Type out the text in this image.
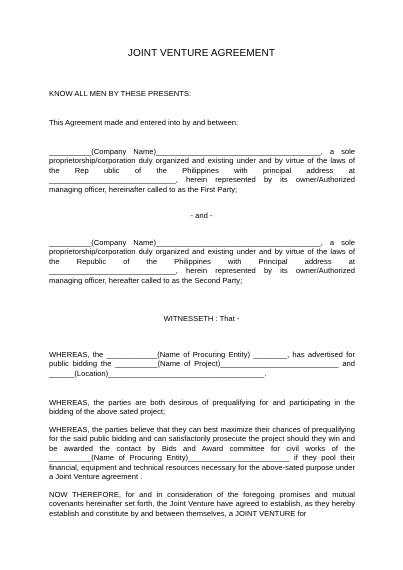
JOINT VENTURE AGREEMENT

KNOW ALL MEN BY THESE PRESENTS:

This Agreement made and entered into by and between:

__________(Company Name)_______________________________________, a sole proprietorship/corporation duly organized and existing under and by virtue of the laws of the Rep ublic of the Philippines with principal address at ______________________________, herein represented by its owner/Authorized managing officer, hereinafter called to as the First Party;

- and -

__________(Company Name)_______________________________________, a sole proprietorship/corporation duly organized and existing under and by virtue of the laws of the Republic of the Philippines with Principal address at ______________________________, herein represented by its owner/Authorized managing officer, hereafter called to as the Second Party;

WITNESSETH : That -

WHEREAS, the ____________(Name of Procuring Entity) ________, has advertised for public bidding the __________(Name of Project)____________________________ and ______(Location)_____________________________________.

WHEREAS, the parties are both desirous of prequalifying for and participating in the bidding of the above sated project;

WHEREAS, the parties believe that they can best maximize their chances of prequalifying for the said public bidding and can satisfactorily prosecute the project should they win and be awarded the contact by Bids and Award committee for civil works of the __________(Name of Procuring Entity)________________________ if they pool their financial, equipment and technical resources necessary for the above-sated purpose under a Joint Venture agreement .

NOW THEREFORE, for and in consideration of the foregoing promises and mutual covenants hereinafter set forth, the Joint Venture have agreed to establish, as they hereby establish and constitute by and between themselves, a JOINT VENTURE for
